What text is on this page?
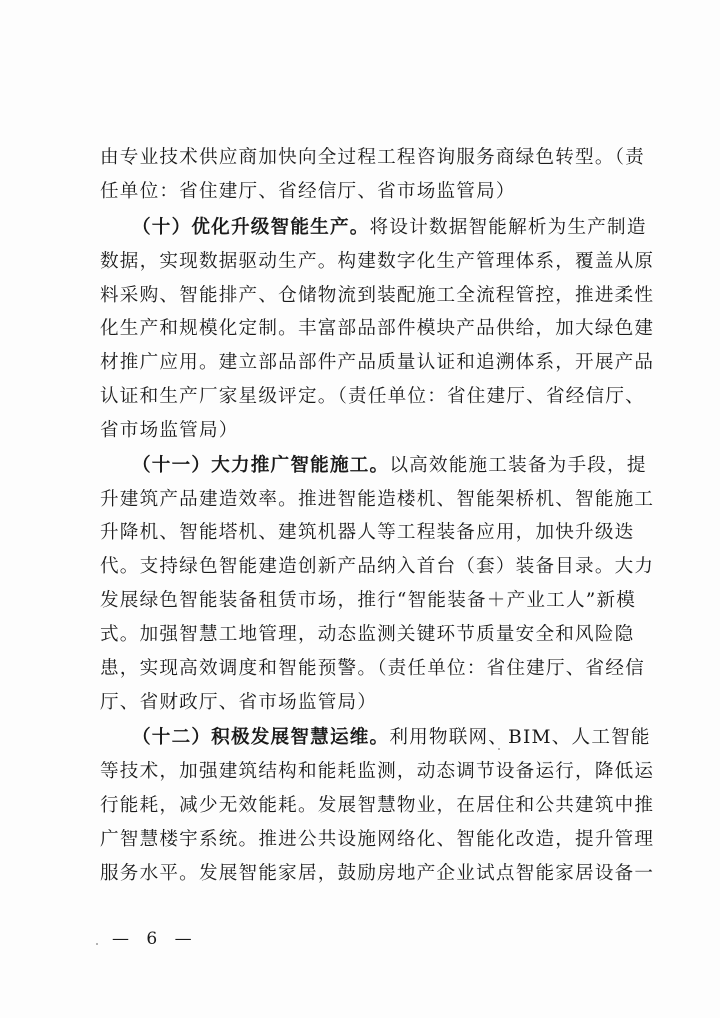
由专业技术供应商加快向全过程工程咨询服务商绿色转型。（责
任单位：省住建厅、省经信厅、省市场监管局）
（十）优化升级智能生产。将设计数据智能解析为生产制造
数据，实现数据驱动生产。构建数字化生产管理体系，覆盖从原
料采购、智能排产、仓储物流到装配施工全流程管控，推进柔性
化生产和规模化定制。丰富部品部件模块产品供给，加大绿色建
材推广应用。建立部品部件产品质量认证和追溯体系，开展产品
认证和生产厂家星级评定。（责任单位：省住建厅、省经信厅、
省市场监管局）
（十一）大力推广智能施工。以高效能施工装备为手段，提
升建筑产品建造效率。推进智能造楼机、智能架桥机、智能施工
升降机、智能塔机、建筑机器人等工程装备应用，加快升级迭
代。支持绿色智能建造创新产品纳入首台（套）装备目录。大力
发展绿色智能装备租赁市场，推行“智能装备＋产业工人”新模
式。加强智慧工地管理，动态监测关键环节质量安全和风险隐
患，实现高效调度和智能预警。（责任单位：省住建厅、省经信
厅、省财政厅、省市场监管局）
（十二）积极发展智慧运维。利用物联网、BIM、人工智能
等技术，加强建筑结构和能耗监测，动态调节设备运行，降低运
行能耗，减少无效能耗。发展智慧物业，在居住和公共建筑中推
广智慧楼宇系统。推进公共设施网络化、智能化改造，提升管理
服务水平。发展智能家居，鼓励房地产企业试点智能家居设备一
— 6 —
